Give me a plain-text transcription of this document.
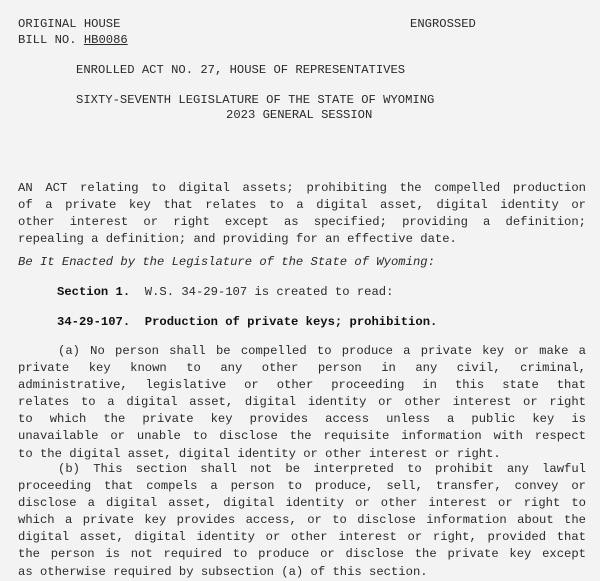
ORIGINAL HOUSE	ENGROSSED
BILL NO. HB0086
ENROLLED ACT NO. 27, HOUSE OF REPRESENTATIVES
SIXTY-SEVENTH LEGISLATURE OF THE STATE OF WYOMING
2023 GENERAL SESSION
AN ACT relating to digital assets; prohibiting the compelled production
of a private key that relates to a digital asset, digital identity or
other interest or right except as specified; providing a definition;
repealing a definition; and providing for an effective date.
Be It Enacted by the Legislature of the State of Wyoming:
Section 1.  W.S. 34-29-107 is created to read:
34-29-107.  Production of private keys; prohibition.
(a) No person shall be compelled to produce a private key or make a
private key known to any other person in any civil, criminal,
administrative, legislative or other proceeding in this state that
relates to a digital asset, digital identity or other interest or right
to which the private key provides access unless a public key is
unavailable or unable to disclose the requisite information with respect
to the digital asset, digital identity or other interest or right.
(b) This section shall not be interpreted to prohibit any lawful
proceeding that compels a person to produce, sell, transfer, convey or
disclose a digital asset, digital identity or other interest or right to
which a private key provides access, or to disclose information about the
digital asset, digital identity or other interest or right, provided that
the person is not required to produce or disclose the private key except
as otherwise required by subsection (a) of this section.
